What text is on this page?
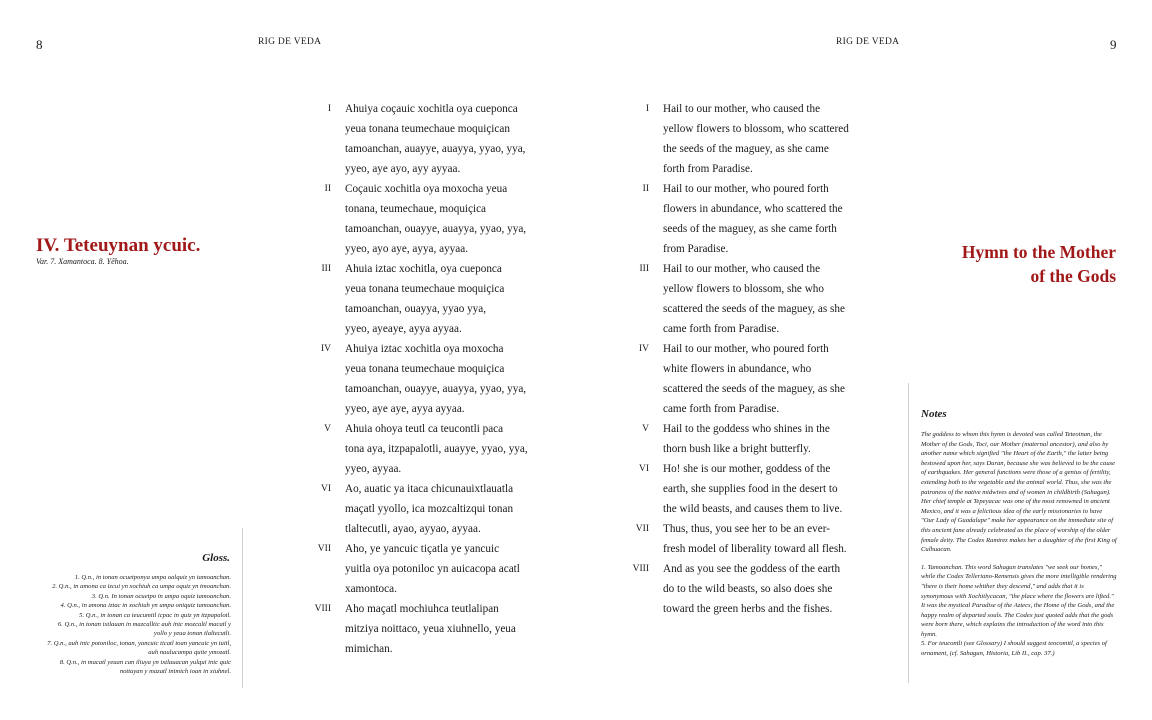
8	RIG DE VEDA
IV. Teteuynan ycuic.
Var. 7. Xamantoca. 8. Yêhoa.
Gloss.

1. Q.n., in tonan ocuetponya umpa oalquiz yn tamoanchan.

2. Q.n., in amona ca izcui yn xochiuh ca umpa oquiz yn tmoanchan.

3. Q.n. In tonan ocuetpo in umpa oquiz tamoanchan.

4. Q.n., in amona iztac in xochiuh yn umpa oniquiz tamoanchan.

5. Q.n., in tonan ca teucumitl icpac in quiz yn itzpapalotl.

6. Q.n., in tonan ixtlauan in mazcalltic auh inic mozcaltl macatl y

yollo y yeua tonan tlaltecutli.

7. Q.n., auh inic potoniloc, tonan, yancuic ticatl toan yancuic yn tuitl,

auh naulucampa quite ymozatl.

8. Q.n., in macatl yeuan can iliuya yn ixtlauacan yulqui inic quic

nottayan y mazatl inimich ioan in xiuhnel.

I Ahuiya coçauic xochitla oya cueponca
yeua tonana teumechaue moquiçican
tamoanchan, auayye, auayya, yyao, yya,
yyeo, aye ayo, ayy ayyaa.
II Coçauic xochitla oya moxocha yeua
tonana, teumechaue, moquiçica
tamoanchan, ouayye, auayya, yyao, yya,
yyeo, ayo aye, ayya, ayyaa.
III Ahuia iztac xochitla, oya cueponca
yeua tonana teumechaue moquiçica
tamoanchan, ouayya, yyao yya,
yyeo, ayeaye, ayya ayyaa.
IV Ahuiya iztac xochitla oya moxocha
yeua tonana teumechaue moquiçica
tamoanchan, ouayye, auayya, yyao, yya,
yyeo, aye aye, ayya ayyaa.
V Ahuia ohoya teutl ca teucontli paca
tona aya, itzpapalotli, auayye, yyao, yya,
yyeo, ayyaa.
VI Ao, auatic ya itaca chicunauixtlauatla
maçatl yyollo, ica mozcaltizqui tonan
tlaltecutli, ayao, ayyao, ayyaa.
VII Aho, ye yancuic tiçatla ye yancuic
yuitla oya potoniloc yn auicacopa acatl
xamontoca.
VIII Aho maçatl mochiuhca teutlalipan
mitziya noittaco, yeua xiuhnello, yeua
mimichan.
RIG DE VEDA	9
Hymn to the Mother
of the Gods
Notes

The goddess to whom this hymn is devoted was called Teteoinan, the Mother of the Gods, Toci, our Mother (maternal ancestor), and also by another name which signified "the Heart of the Earth," the latter being bestowed upon her, says Duran, because she was believed to be the cause of earthquakes. Her general functions were those of a genius of fertility, extending both to the vegetable and the animal world. Thus, she was the patroness of the native midwives and of women in childbirth (Sahagun). Her chief temple at Tepeyacac was one of the most renowned in ancient Mexico, and it was a felicitous idea of the early missionaries to have "Our Lady of Guadalupe" make her appearance on the immediate site of this ancient fane already celebrated as the place of worship of the older female deity. The Codex Ramirez makes her a daughter of the first King of Culhuacan.

1. Tamoanchan. This word Sahagun translates "we seek our homes," while the Codex Telleriano-Remensis gives the more intelligible rendering "there is their home whither they descend," and adds that it is synonymous with Xochitlycacan, "the place where the flowers are lifted." It was the mystical Paradise of the Aztecs, the Home of the Gods, and the happy realm of departed souls. The Codex just quoted adds that the gods were born there, which explains the introduction of the word into this hymn.

5. For teucontli (see Glossary) I should suggest teocomitl, a species of ornament, (cf. Sahagun, Historia, Lib II., cap. 37.)

I Hail to our mother, who caused the
yellow flowers to blossom, who scattered
the seeds of the maguey, as she came
forth from Paradise.
II Hail to our mother, who poured forth
flowers in abundance, who scattered the
seeds of the maguey, as she came forth
from Paradise.
III Hail to our mother, who caused the
yellow flowers to blossom, she who
scattered the seeds of the maguey, as she
came forth from Paradise.
IV Hail to our mother, who poured forth
white flowers in abundance, who
scattered the seeds of the maguey, as she
came forth from Paradise.
V Hail to the goddess who shines in the
thorn bush like a bright butterfly.
VI Ho! she is our mother, goddess of the
earth, she supplies food in the desert to
the wild beasts, and causes them to live.
VII Thus, thus, you see her to be an ever-
fresh model of liberality toward all flesh.
VIII And as you see the goddess of the earth
do to the wild beasts, so also does she
toward the green herbs and the fishes.
